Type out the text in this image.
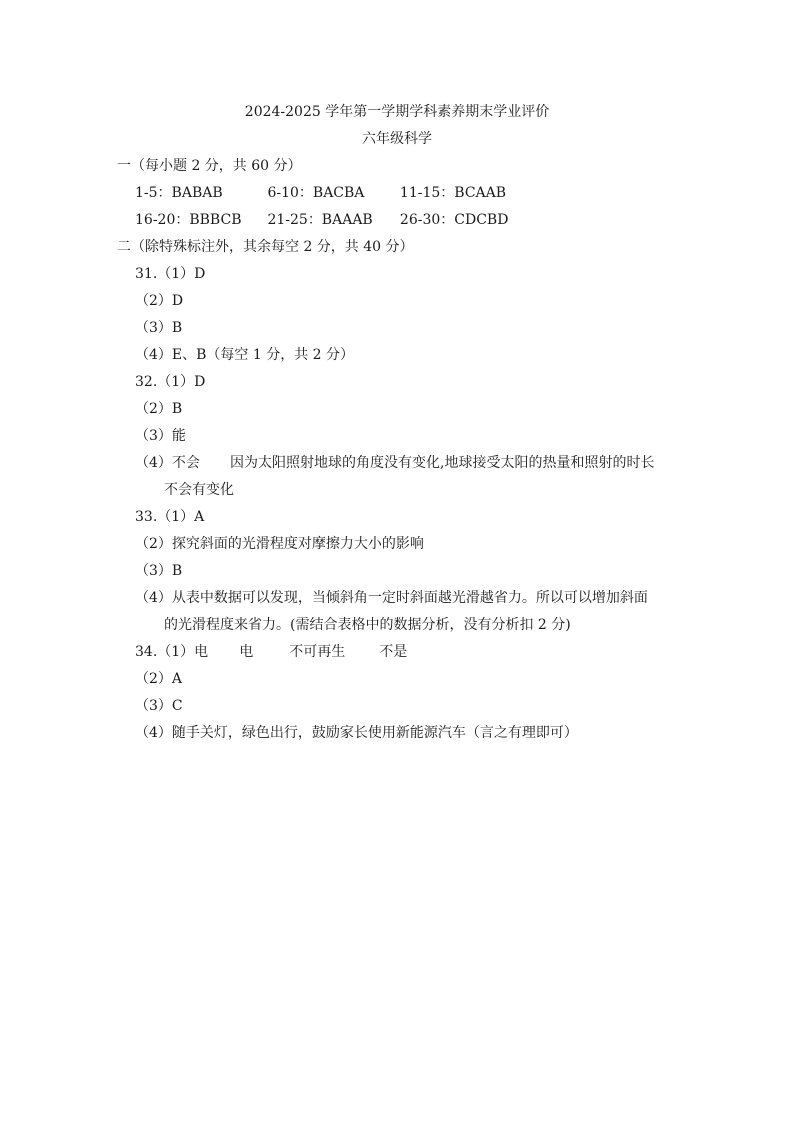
2024-2025 学年第一学期学科素养期末学业评价
六年级科学
一（每小题 2 分，共 60 分）
1-5：BABAB	6-10：BACBA	11-15：BCAAB
16-20：BBBCB 21-25：BAAAB 26-30：CDCBD
二（除特殊标注外，其余每空 2 分，共 40 分）
31.（1）D
（2）D
（3）B
（4）E、B（每空 1 分，共 2 分）
32.（1）D
（2）B
（3）能
（4）不会 因为太阳照射地球的角度没有变化,地球接受太阳的热量和照射的时长
不会有变化
33.（1）A
（2）探究斜面的光滑程度对摩擦力大小的影响
（3）B
（4）从表中数据可以发现，当倾斜角一定时斜面越光滑越省力。所以可以增加斜面
的光滑程度来省力。(需结合表格中的数据分析，没有分析扣 2 分)
34.（1）电 电	不可再生 不是
（2）A
（3）C
（4）随手关灯，绿色出行，鼓励家长使用新能源汽车（言之有理即可）
